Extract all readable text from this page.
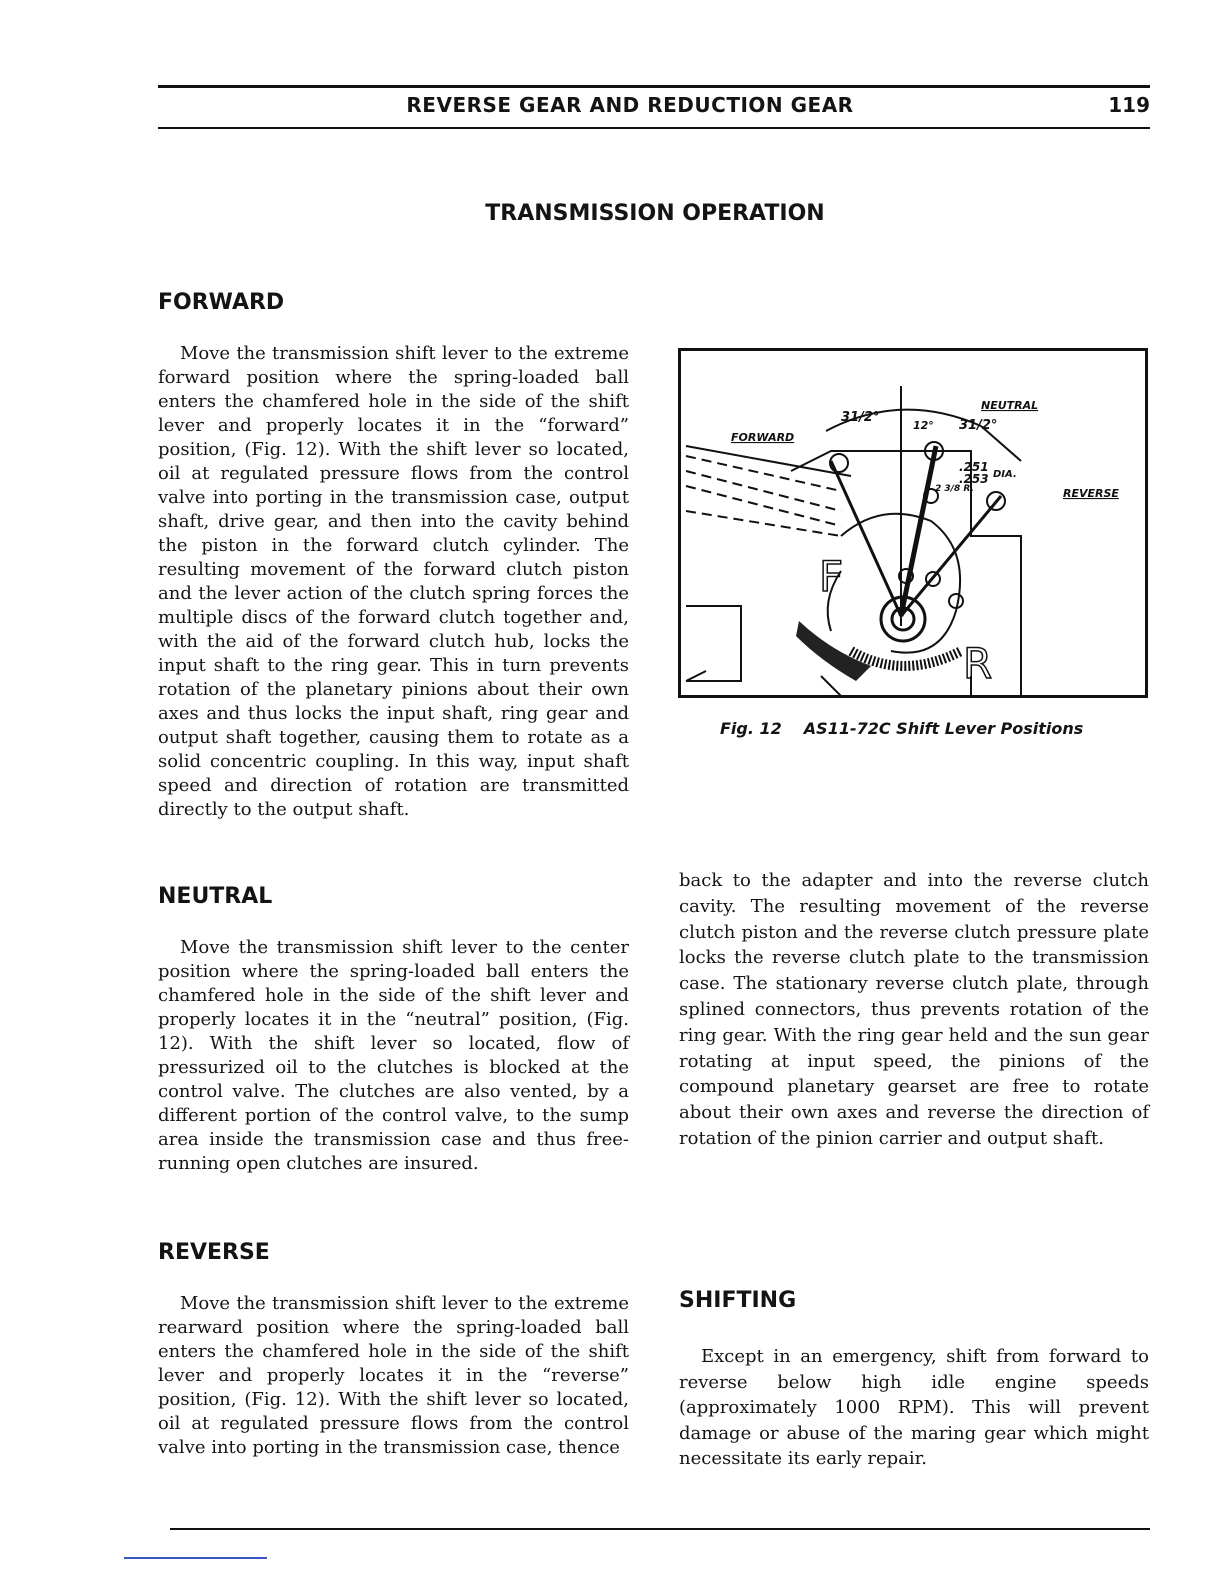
REVERSE GEAR AND REDUCTION GEAR	119
TRANSMISSION OPERATION
FORWARD

Move the transmission shift lever to the extreme forward position where the spring-loaded ball enters the chamfered hole in the side of the shift lever and properly locates it in the “forward” position, (Fig. 12). With the shift lever so located, oil at regulated pressure flows from the control valve into porting in the transmission case, output shaft, drive gear, and then into the cavity behind the piston in the forward clutch cylinder. The resulting movement of the forward clutch piston and the lever action of the clutch spring forces the multiple discs of the forward clutch together and, with the aid of the forward clutch hub, locks the input shaft to the ring gear. This in turn prevents rotation of the planetary pinions about their own axes and thus locks the input shaft, ring gear and output shaft together, causing them to rotate as a solid concentric coupling. In this way, input shaft speed and direction of rotation are transmitted directly to the output shaft.

FORWARD
NEUTRAL
REVERSE
31/2°
12° 31/2°
.251
.253 DIA.
2 3/8 R.
F
R
Fig. 12 AS11-72C Shift Lever Positions
NEUTRAL

Move the transmission shift lever to the center position where the spring-loaded ball enters the chamfered hole in the side of the shift lever and properly locates it in the “neutral” position, (Fig. 12). With the shift lever so located, flow of pressurized oil to the clutches is blocked at the control valve. The clutches are also vented, by a different portion of the control valve, to the sump area inside the transmission case and thus free-running open clutches are insured.

REVERSE

Move the transmission shift lever to the extreme rearward position where the spring-loaded ball enters the chamfered hole in the side of the shift lever and properly locates it in the “reverse” position, (Fig. 12). With the shift lever so located, oil at regulated pressure flows from the control valve into porting in the transmission case, thence

back to the adapter and into the reverse clutch cavity. The resulting movement of the reverse clutch piston and the reverse clutch pressure plate locks the reverse clutch plate to the transmission case. The stationary reverse clutch plate, through splined connectors, thus prevents rotation of the ring gear. With the ring gear held and the sun gear rotating at input speed, the pinions of the compound planetary gearset are free to rotate about their own axes and reverse the direction of rotation of the pinion carrier and output shaft.

SHIFTING

Except in an emergency, shift from forward to reverse below high idle engine speeds (approximately 1000 RPM). This will prevent damage or abuse of the maring gear which might necessitate its early repair.
